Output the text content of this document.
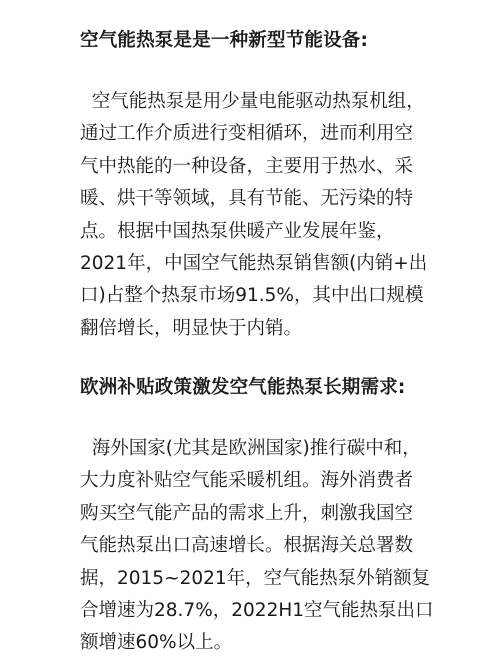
空气能热泵是是一种新型节能设备:
空气能热泵是用少量电能驱动热泵机组，
通过工作介质进行变相循环，进而利用空
气中热能的一种设备，主要用于热水、采
暖、烘干等领域，具有节能、无污染的特
点。根据中国热泵供暖产业发展年鉴，
2021年，中国空气能热泵销售额(内销+出
口)占整个热泵市场91.5%，其中出口规模
翻倍增长，明显快于内销。
欧洲补贴政策激发空气能热泵长期需求:
海外国家(尤其是欧洲国家)推行碳中和，
大力度补贴空气能采暖机组。海外消费者
购买空气能产品的需求上升，刺激我国空
气能热泵出口高速增长。根据海关总署数
据，2015~2021年，空气能热泵外销额复
合增速为28.7%，2022H1空气能热泵出口
额增速60%以上。
